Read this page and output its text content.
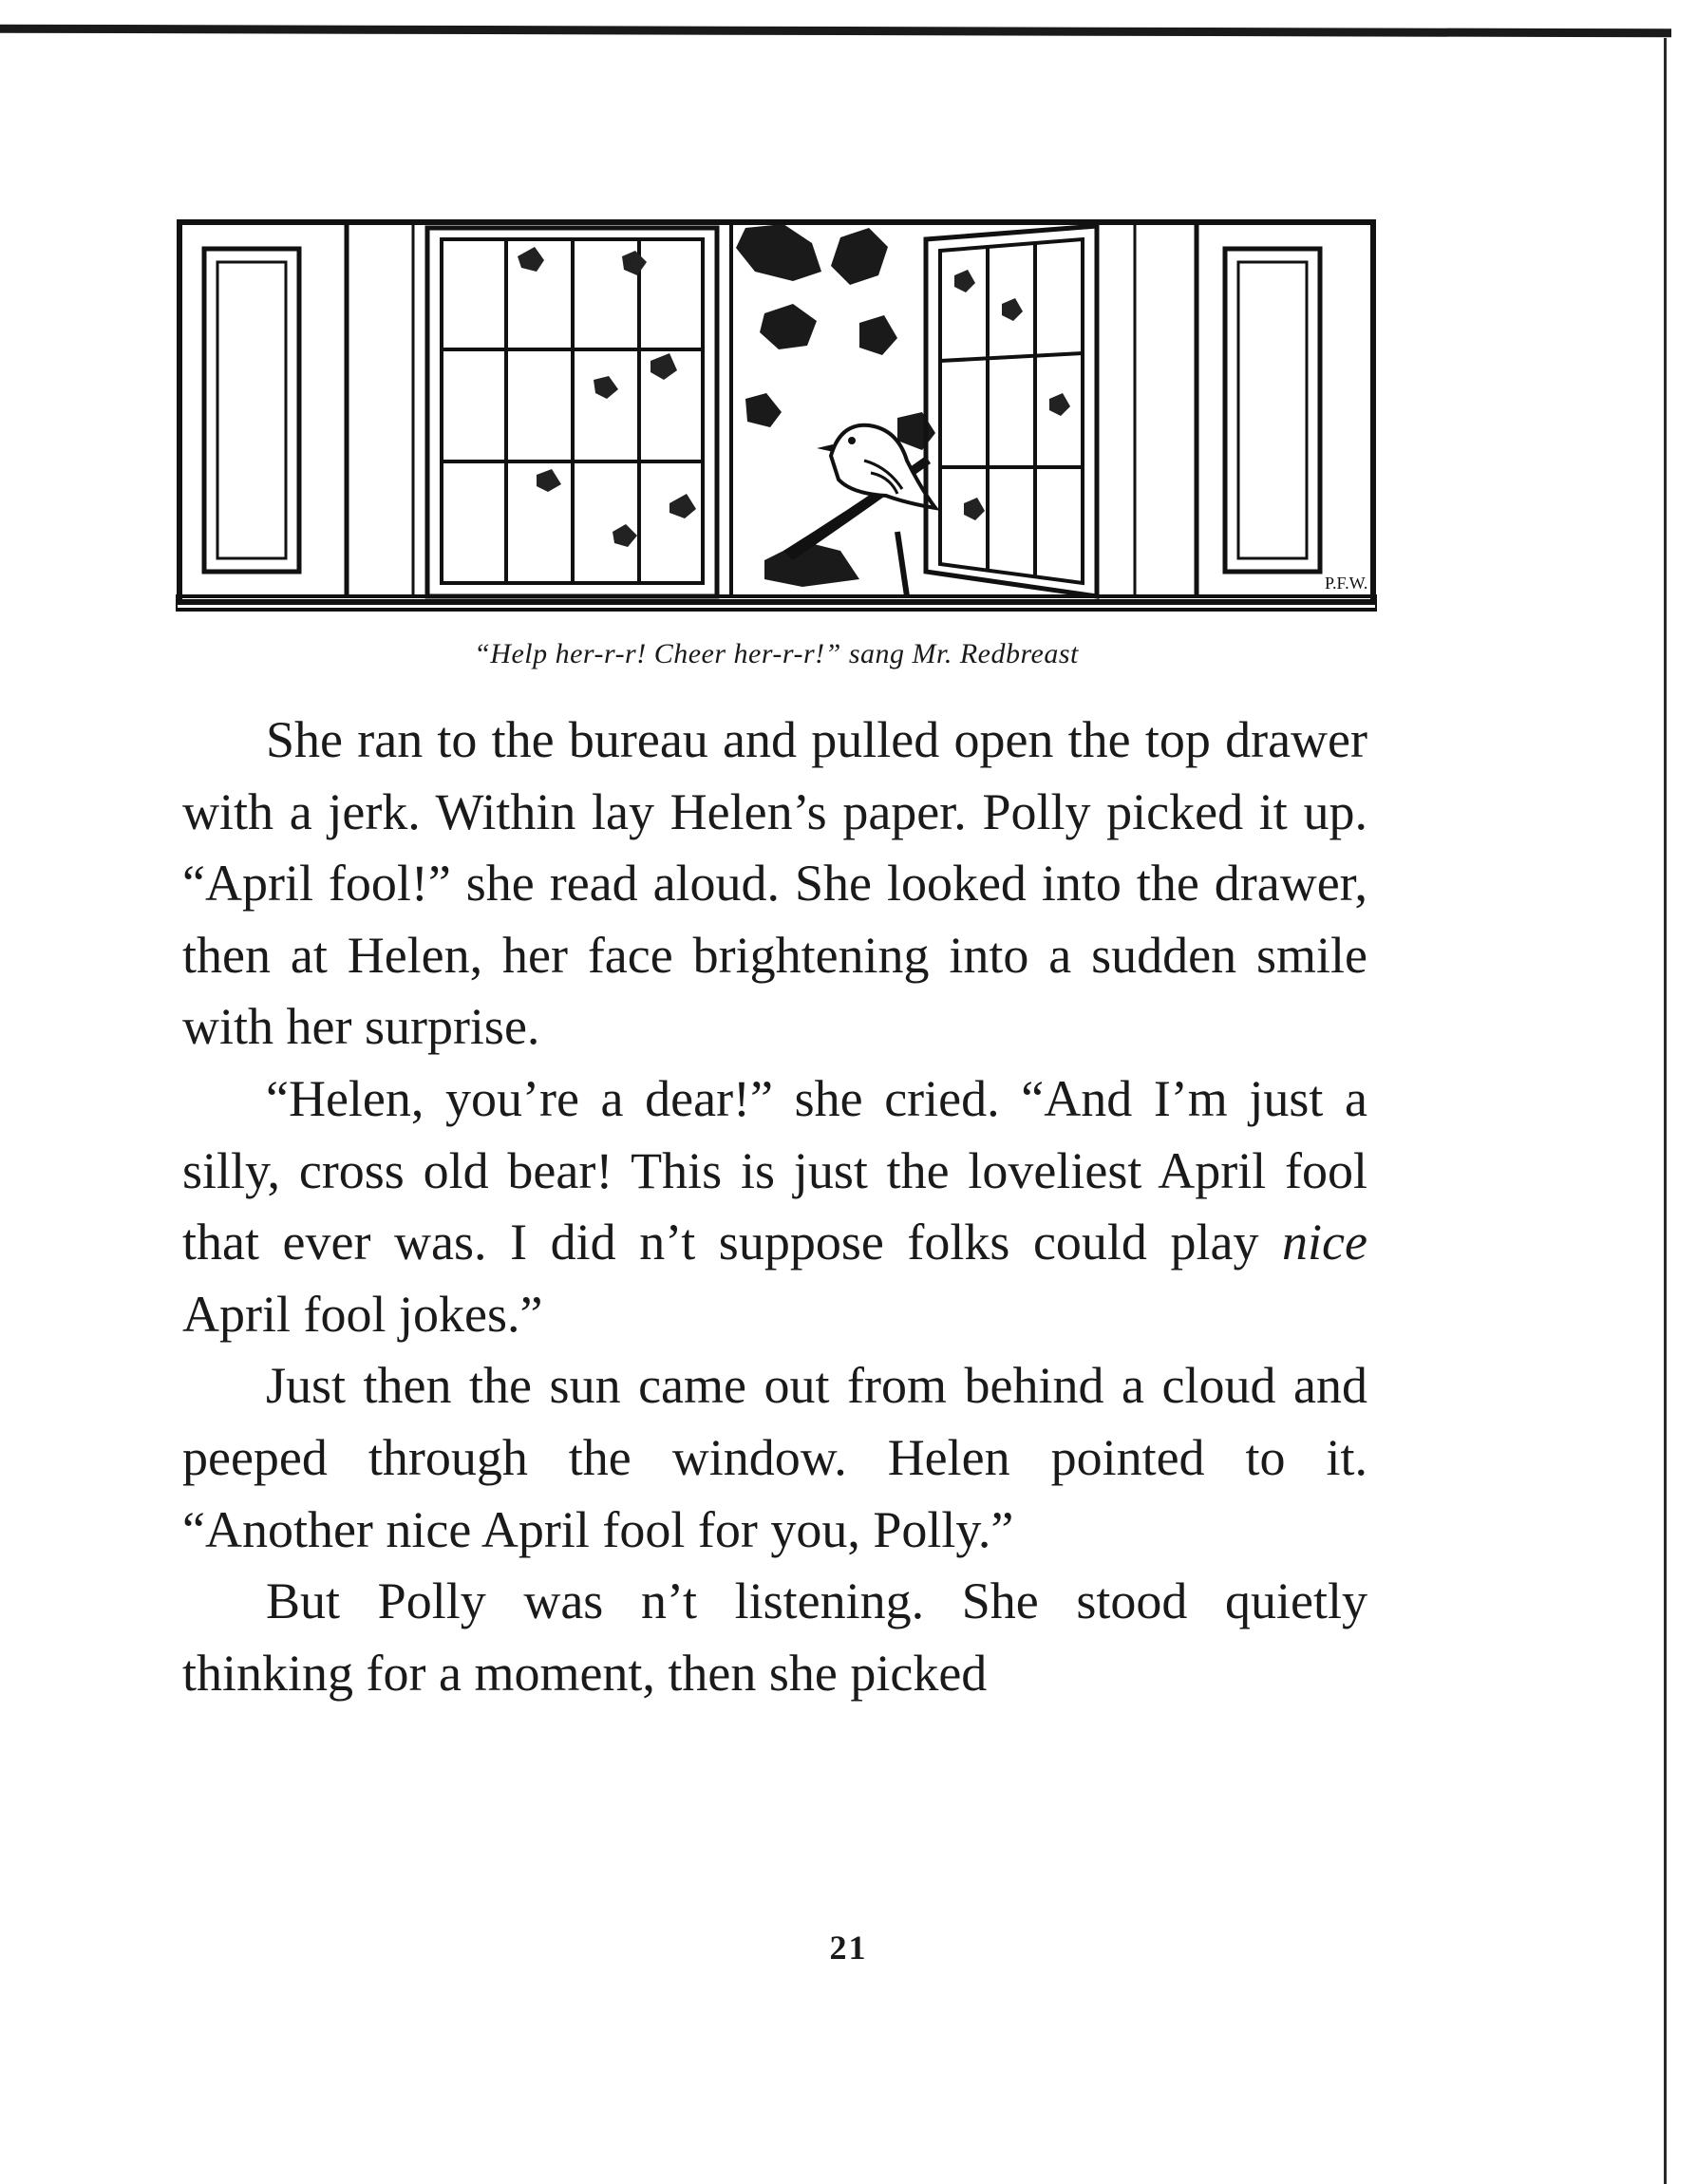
P.F.W.
“Help her-r-r! Cheer her-r-r!” sang Mr. Redbreast

She ran to the bureau and pulled open the top drawer with a jerk. Within lay Helen’s paper. Polly picked it up. “April fool!” she read aloud. She looked into the drawer, then at Helen, her face brightening into a sudden smile with her surprise.

“Helen, you’re a dear!” she cried. “And I’m just a silly, cross old bear! This is just the loveliest April fool that ever was. I did n’t suppose folks could play nice April fool jokes.”

Just then the sun came out from behind a cloud and peeped through the window. Helen pointed to it. “Another nice April fool for you, Polly.”

But Polly was n’t listening. She stood quietly thinking for a moment, then she picked

21
